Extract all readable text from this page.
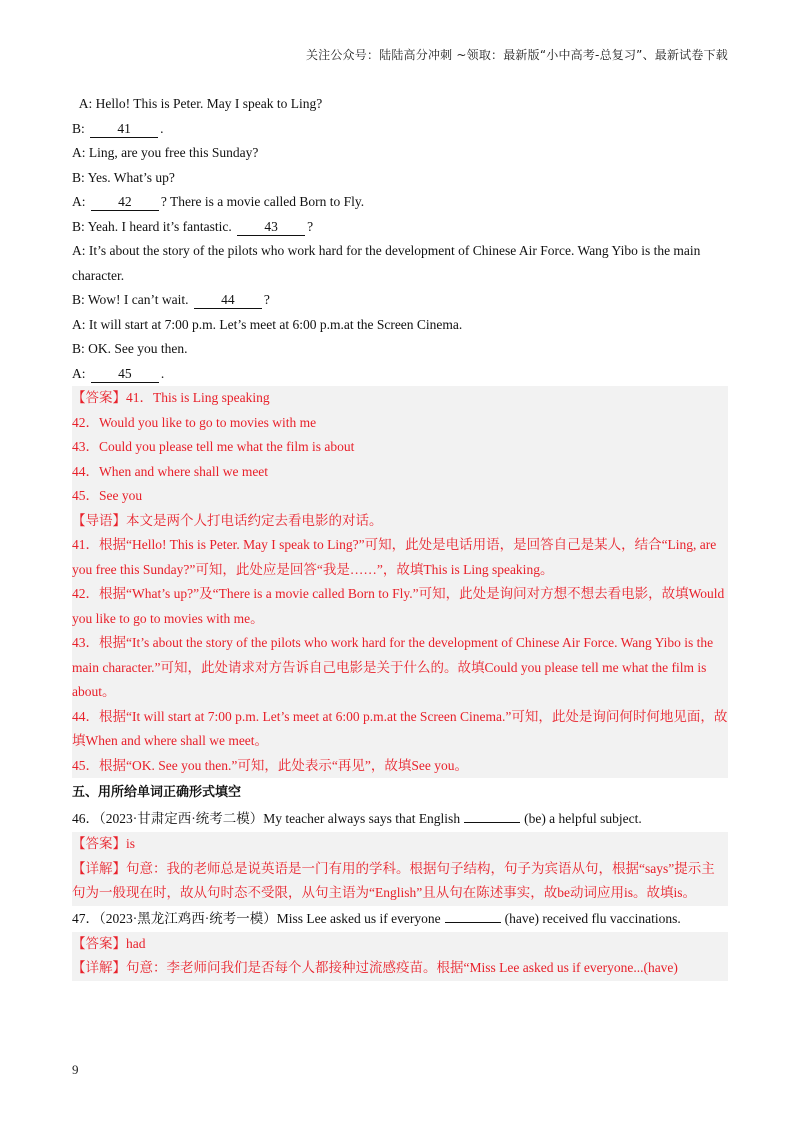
关注公众号：陆陆高分冲刺 ~领取：最新版“小中高考-总复习”、最新试卷下载
A: Hello! This is Peter. May I speak to Ling?
B: 41 .
A: Ling, are you free this Sunday?
B: Yes. What’s up?
A: 42 ? There is a movie called Born to Fly.
B: Yeah. I heard it’s fantastic. 43 ?
A: It’s about the story of the pilots who work hard for the development of Chinese Air Force. Wang Yibo is the main character.
B: Wow! I can’t wait. 44 ?
A: It will start at 7:00 p.m. Let’s meet at 6:00 p.m.at the Screen Cinema.
B: OK. See you then.
A: 45 .
【答案】41．This is Ling speaking
42．Would you like to go to movies with me
43．Could you please tell me what the film is about
44．When and where shall we meet
45．See you
【导语】本文是两个人打电话约定去看电影的对话。
41．根据“Hello! This is Peter. May I speak to Ling?”可知，此处是电话用语，是回答自己是某人，结合“Ling, are you free this Sunday?”可知，此处应是回答“我是……”，故填This is Ling speaking。
42．根据“What’s up?”及“There is a movie called Born to Fly.”可知，此处是询问对方想不想去看电影，故填Would you like to go to movies with me。
43．根据“It’s about the story of the pilots who work hard for the development of Chinese Air Force. Wang Yibo is the main character.”可知，此处请求对方告诉自己电影是关于什么的。故填Could you please tell me what the film is about。
44．根据“It will start at 7:00 p.m. Let’s meet at 6:00 p.m.at the Screen Cinema.”可知，此处是询问何时何地见面，故填When and where shall we meet。
45．根据“OK. See you then.”可知，此处表示“再见”，故填See you。
五、用所给单词正确形式填空
46．（2023·甘肃定西·统考二模）My teacher always says that English	(be) a helpful subject.
【答案】is
【详解】句意：我的老师总是说英语是一门有用的学科。根据句子结构，句子为宾语从句，根据“says”提示主句为一般现在时，故从句时态不受限，从句主语为“English”且从句在陈述事实，故be动词应用is。故填is。
47．（2023·黑龙江鸡西·统考一模）Miss Lee asked us if everyone	(have) received flu vaccinations.
【答案】had
【详解】句意：李老师问我们是否每个人都接种过流感疫苗。根据“Miss Lee asked us if everyone...(have)
9
